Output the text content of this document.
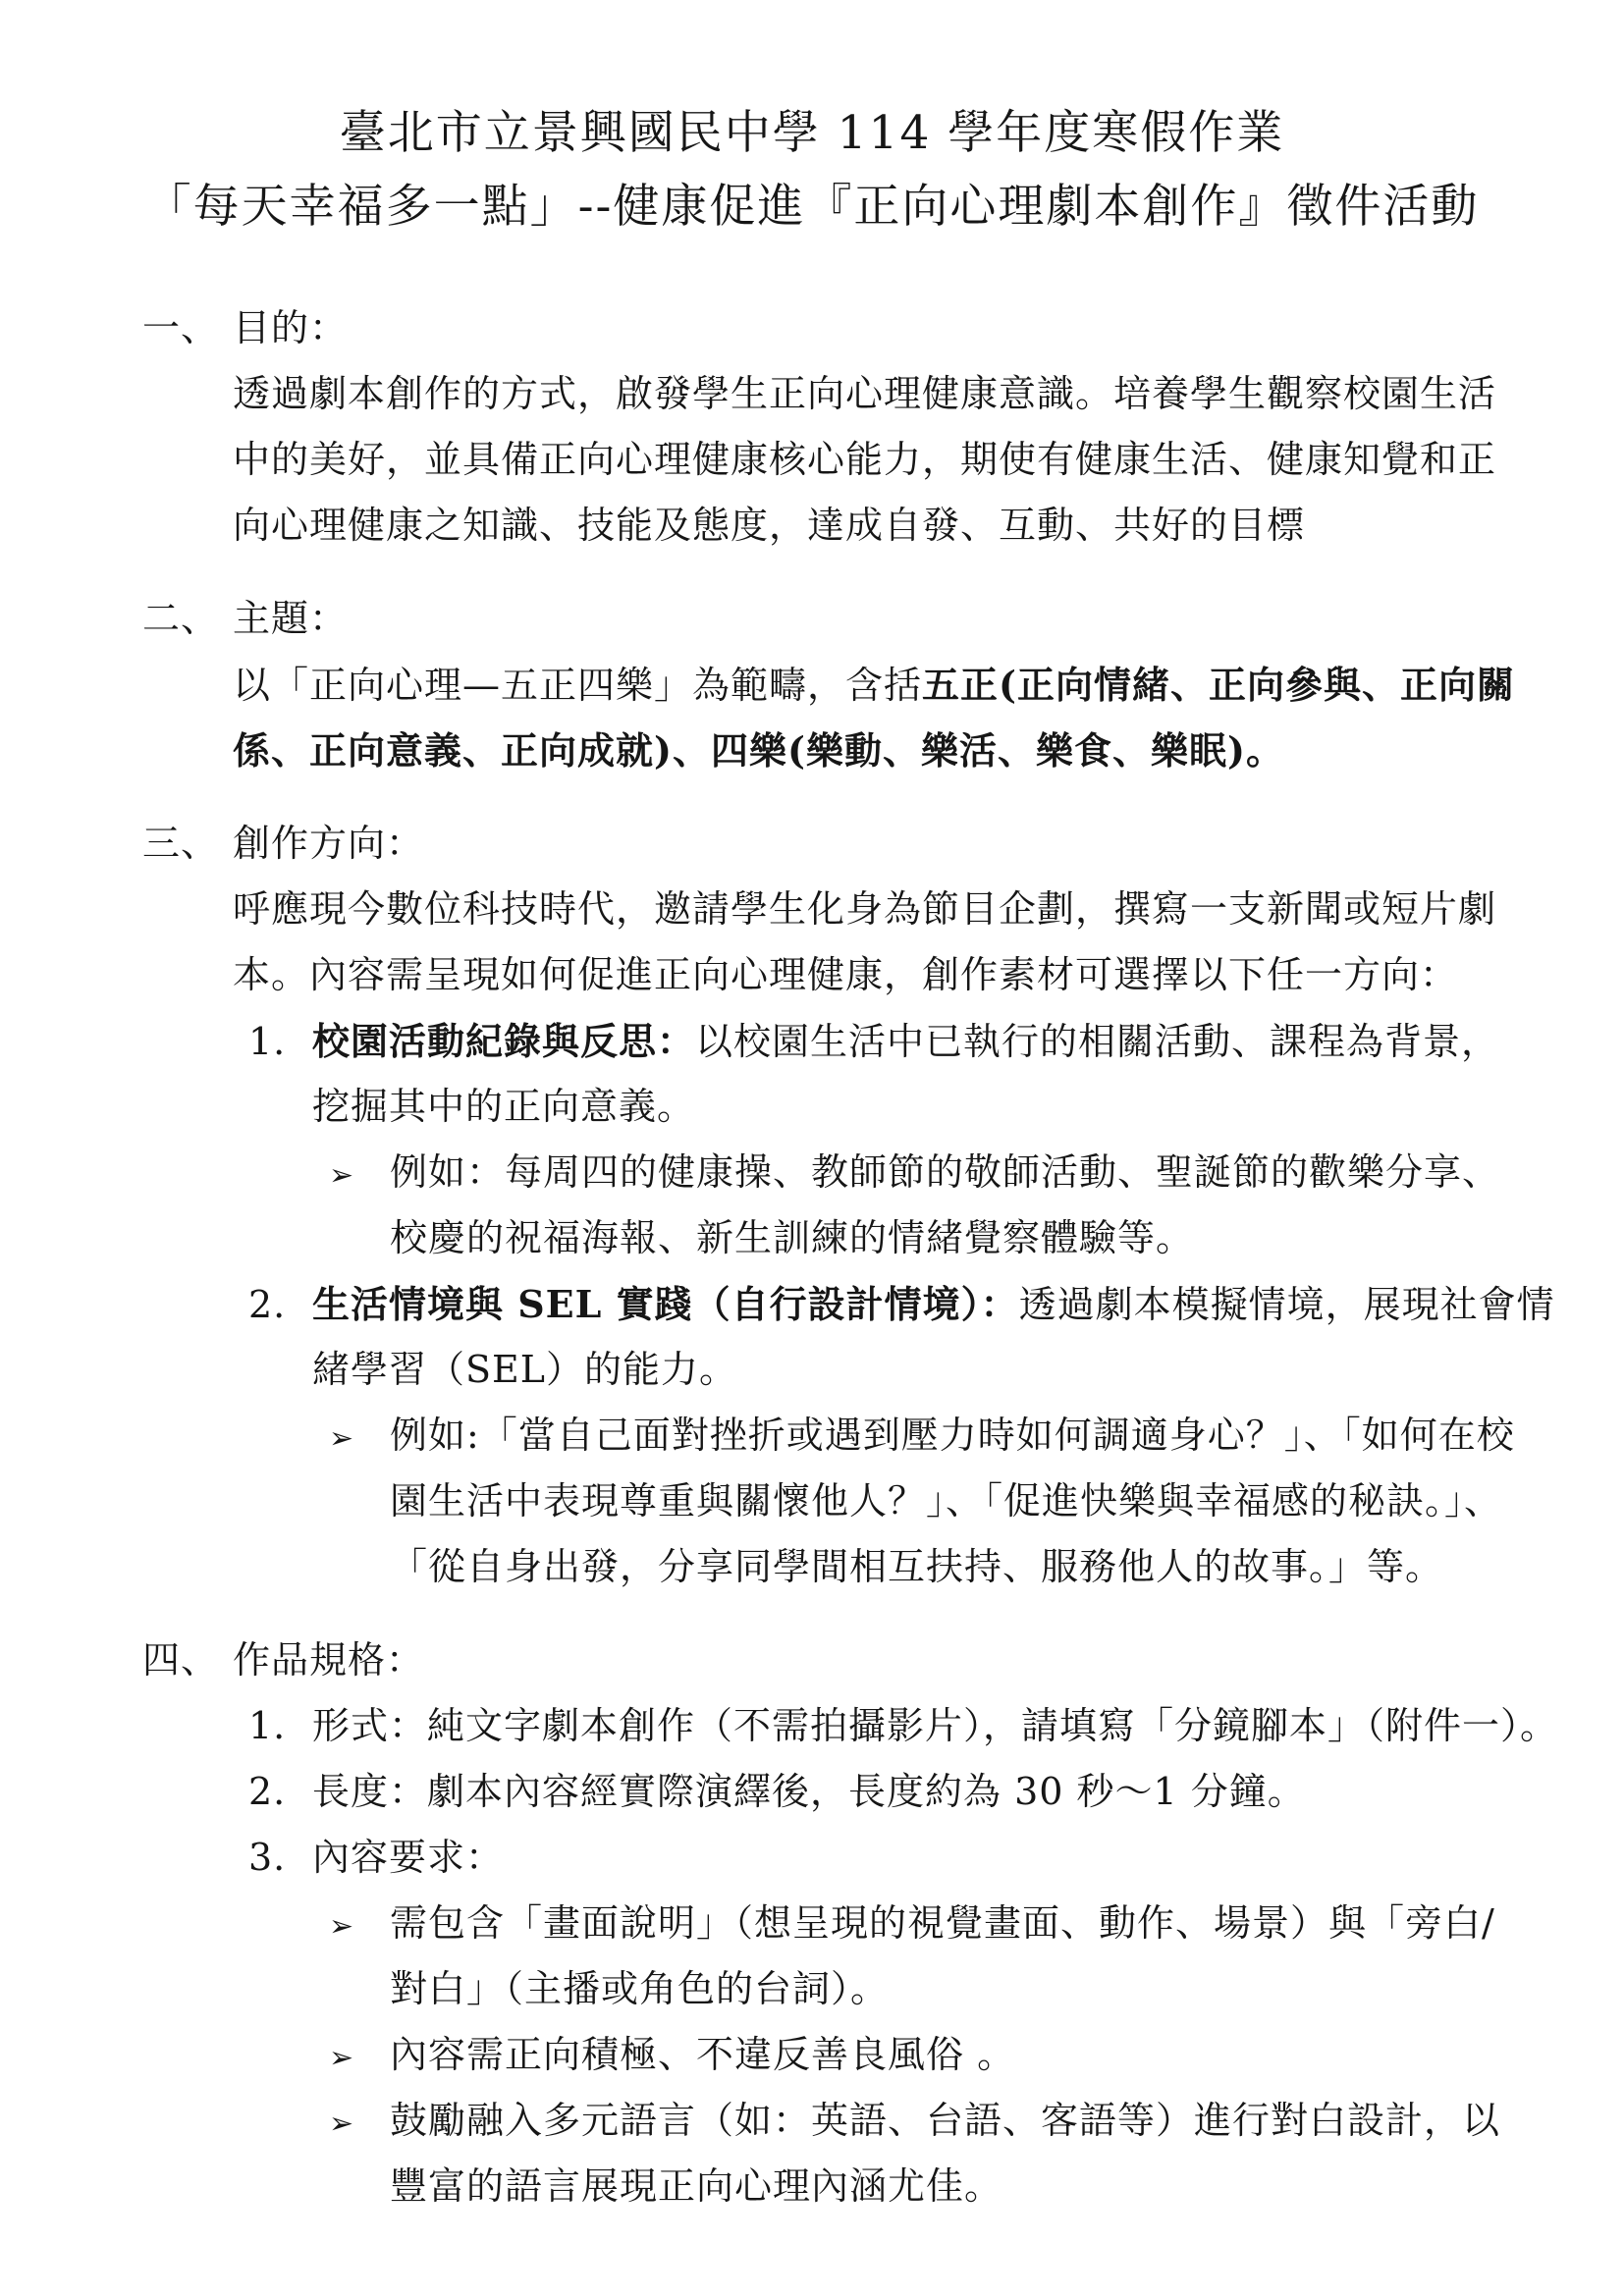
臺北市立景興國民中學 114 學年度寒假作業
「每天幸福多一點」--健康促進『正向心理劇本創作』徵件活動
一、 目的：
透過劇本創作的方式，啟發學生正向心理健康意識。培養學生觀察校園生活
中的美好，並具備正向心理健康核心能力，期使有健康生活、健康知覺和正
向心理健康之知識、技能及態度，達成自發、互動、共好的目標
二、 主題：
以「正向心理—五正四樂」為範疇，含括五正(正向情緒、正向參與、正向關
係、正向意義、正向成就)、四樂(樂動、樂活、樂食、樂眠)。
三、 創作方向：
呼應現今數位科技時代，邀請學生化身為節目企劃，撰寫一支新聞或短片劇
本。內容需呈現如何促進正向心理健康，創作素材可選擇以下任一方向：
1. 校園活動紀錄與反思：以校園生活中已執行的相關活動、課程為背景，
挖掘其中的正向意義。
➢ 例如：每周四的健康操、教師節的敬師活動、聖誕節的歡樂分享、
校慶的祝福海報、新生訓練的情緒覺察體驗等。
2. 生活情境與 SEL 實踐（自行設計情境）：透過劇本模擬情境，展現社會情
緒學習（SEL）的能力。
➢ 例如:「當自己面對挫折或遇到壓力時如何調適身心？」、「如何在校
園生活中表現尊重與關懷他人？」、「促進快樂與幸福感的秘訣。」、
「從自身出發，分享同學間相互扶持、服務他人的故事。」等。
四、 作品規格：
1. 形式：純文字劇本創作（不需拍攝影片），請填寫「分鏡腳本」（附件一）。
2. 長度：劇本內容經實際演繹後，長度約為 30 秒～1 分鐘。
3. 內容要求：
➢ 需包含「畫面說明」（想呈現的視覺畫面、動作、場景）與「旁白/
對白」（主播或角色的台詞）。
➢ 內容需正向積極、不違反善良風俗 。
➢ 鼓勵融入多元語言（如：英語、台語、客語等）進行對白設計，以
豐富的語言展現正向心理內涵尤佳。
